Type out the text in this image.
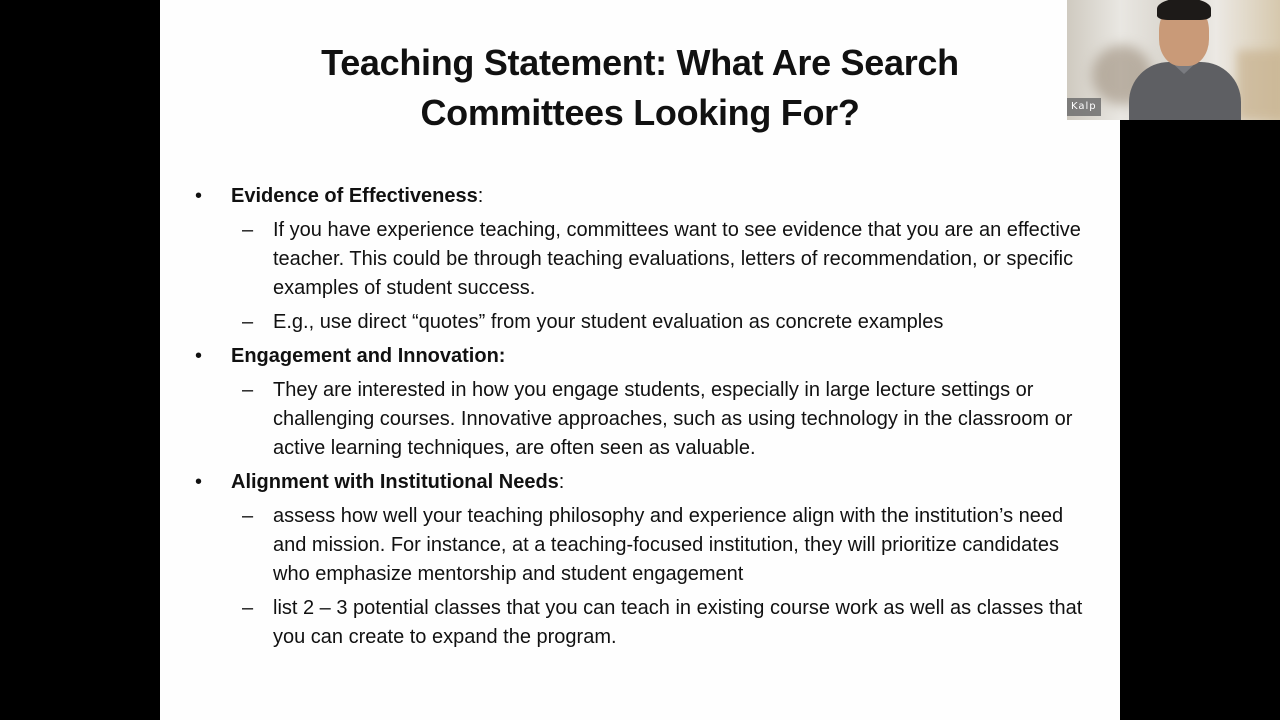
Teaching Statement: What Are Search
Committees Looking For?
• Evidence of Effectiveness:
– If you have experience teaching, committees want to see evidence that you are an effective teacher. This could be through teaching evaluations, letters of recommendation, or specific examples of student success.
– E.g., use direct “quotes” from your student evaluation as concrete examples
• Engagement and Innovation:
– They are interested in how you engage students, especially in large lecture settings or challenging courses. Innovative approaches, such as using technology in the classroom or active learning techniques, are often seen as valuable.
• Alignment with Institutional Needs:
– assess how well your teaching philosophy and experience align with the institution’s need and mission. For instance, at a teaching-focused institution, they will prioritize candidates who emphasize mentorship and student engagement
– list 2 – 3 potential classes that you can teach in existing course work as well as classes that you can create to expand the program.
Kalp
